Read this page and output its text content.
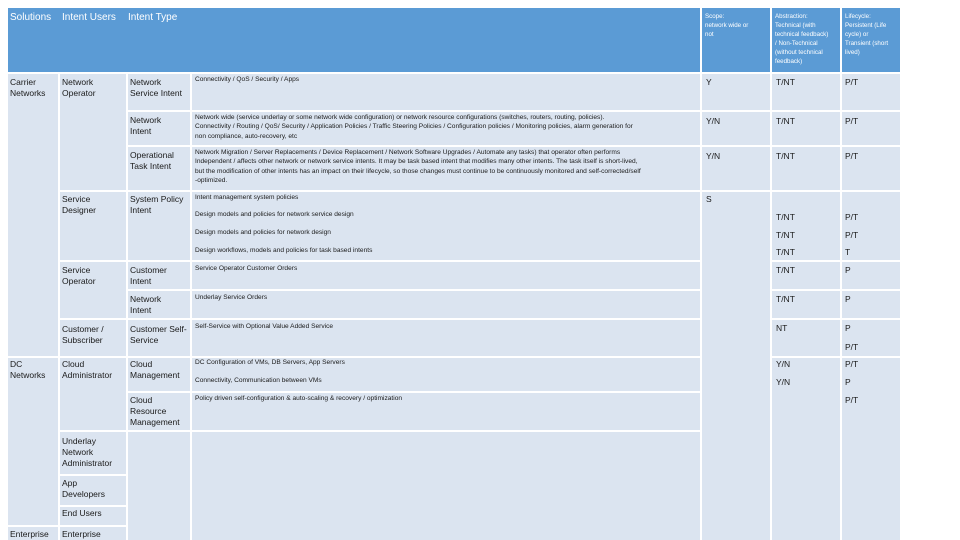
Solutions Intent Users Intent Type	Scope:
network wide or
not
Abstraction:
Technical (with
technical feedback)
/ Non-Technical
(without technical
feedback)
Lifecycle:
Persistent (Life
cycle) or
Transient (short
lived)
Carrier
Networks
DC
Networks
Enterprise
Network
Operator
Service
Designer
Service
Operator
Customer /
Subscriber
Cloud
Administrator
Underlay
Network
Administrator
App
Developers
End Users
Enterprise
Network
Service Intent
Network
Intent
Operational
Task Intent
System Policy
Intent
Customer
Intent
Network
Intent
Customer Self-
Service
Cloud
Management
Cloud
Resource
Management
Connectivity / QoS / Security / Apps
Network wide (service underlay or some network wide configuration) or network resource configurations (switches, routers, routing, policies).
Connectivity / Routing / QoS/ Security / Application Policies / Traffic Steering Policies / Configuration policies / Monitoring policies, alarm generation for
non compliance, auto-recovery, etc
Network Migration / Server Replacements / Device Replacement / Network Software Upgrades / Automate any tasks) that operator often performs
Independent / affects other network or network service intents. It may be task based intent that modifies many other intents. The task itself is short-lived,
but the modification of other intents has an impact on their lifecycle, so those changes must continue to be continuously monitored and self-corrected/self
-optimized.
Intent management system policies
Design models and policies for network service design
Design models and policies for network design
Design workflows, models and policies for task based intents
Service Operator Customer Orders
Underlay Service Orders
Self-Service with Optional Value Added Service
DC Configuration of VMs, DB Servers, App Servers
Connectivity, Communication between VMs
Policy driven self-configuration & auto-scaling & recovery / optimization
Y
Y/N
Y/N
S
T/NT
T/NT
T/NT
T/NT
T/NT
T/NT
T/NT
T/NT
NT
Y/N
Y/N
P/T
P/T
P/T
P/T
P/T
T
P
P
P
P/T
P/T
P
P/T
